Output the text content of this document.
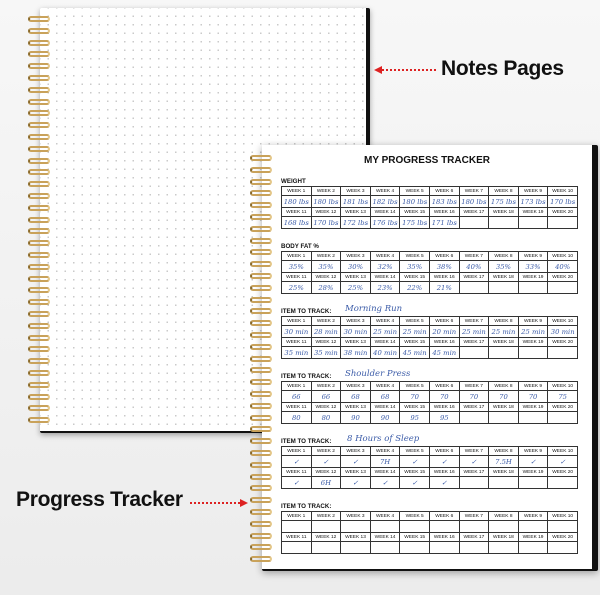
MY PROGRESS TRACKER
WEIGHT
WEEK 1	WEEK 2	WEEK 3	WEEK 4	WEEK 5	WEEK 6	WEEK 7	WEEK 8	WEEK 9	WEEK 10
180 lbs	180 lbs	181 lbs	182 lbs	180 lbs	183 lbs	180 lbs	175 lbs	173 lbs	170 lbs
WEEK 11	WEEK 12	WEEK 13	WEEK 14	WEEK 15	WEEK 16	WEEK 17	WEEK 18	WEEK 19	WEEK 20
168 lbs	170 lbs	172 lbs	176 lbs	175 lbs	171 lbs				
BODY FAT %
WEEK 1	WEEK 2	WEEK 3	WEEK 4	WEEK 5	WEEK 6	WEEK 7	WEEK 8	WEEK 9	WEEK 10
35%	35%	30%	32%	35%	38%	40%	35%	33%	40%
WEEK 11	WEEK 12	WEEK 13	WEEK 14	WEEK 15	WEEK 16	WEEK 17	WEEK 18	WEEK 19	WEEK 20
25%	28%	25%	23%	22%	21%				
ITEM TO TRACK: Morning Run
WEEK 1	WEEK 2	WEEK 3	WEEK 4	WEEK 5	WEEK 6	WEEK 7	WEEK 8	WEEK 9	WEEK 10
30 min	28 min	30 min	25 min	25 min	20 min	25 min	25 min	25 min	30 min
WEEK 11	WEEK 12	WEEK 13	WEEK 14	WEEK 15	WEEK 16	WEEK 17	WEEK 18	WEEK 19	WEEK 20
35 min	35 min	38 min	40 min	45 min	45 min				
ITEM TO TRACK: Shoulder Press
WEEK 1	WEEK 2	WEEK 3	WEEK 4	WEEK 5	WEEK 6	WEEK 7	WEEK 8	WEEK 9	WEEK 10
66	66	68	68	70	70	70	70	70	75
WEEK 11	WEEK 12	WEEK 13	WEEK 14	WEEK 15	WEEK 16	WEEK 17	WEEK 18	WEEK 19	WEEK 20
80	80	90	90	95	95				
ITEM TO TRACK: 8 Hours of Sleep
WEEK 1	WEEK 2	WEEK 3	WEEK 4	WEEK 5	WEEK 6	WEEK 7	WEEK 8	WEEK 9	WEEK 10
✓	✓	✓	7H	✓	✓	✓	7.5H	✓	✓
WEEK 11	WEEK 12	WEEK 13	WEEK 14	WEEK 15	WEEK 16	WEEK 17	WEEK 18	WEEK 19	WEEK 20
✓	6H	✓	✓	✓	✓				
ITEM TO TRACK:
WEEK 1	WEEK 2	WEEK 3	WEEK 4	WEEK 5	WEEK 6	WEEK 7	WEEK 8	WEEK 9	WEEK 10

WEEK 11	WEEK 12	WEEK 13	WEEK 14	WEEK 15	WEEK 16	WEEK 17	WEEK 18	WEEK 19	WEEK 20

Notes Pages
Progress Tracker
